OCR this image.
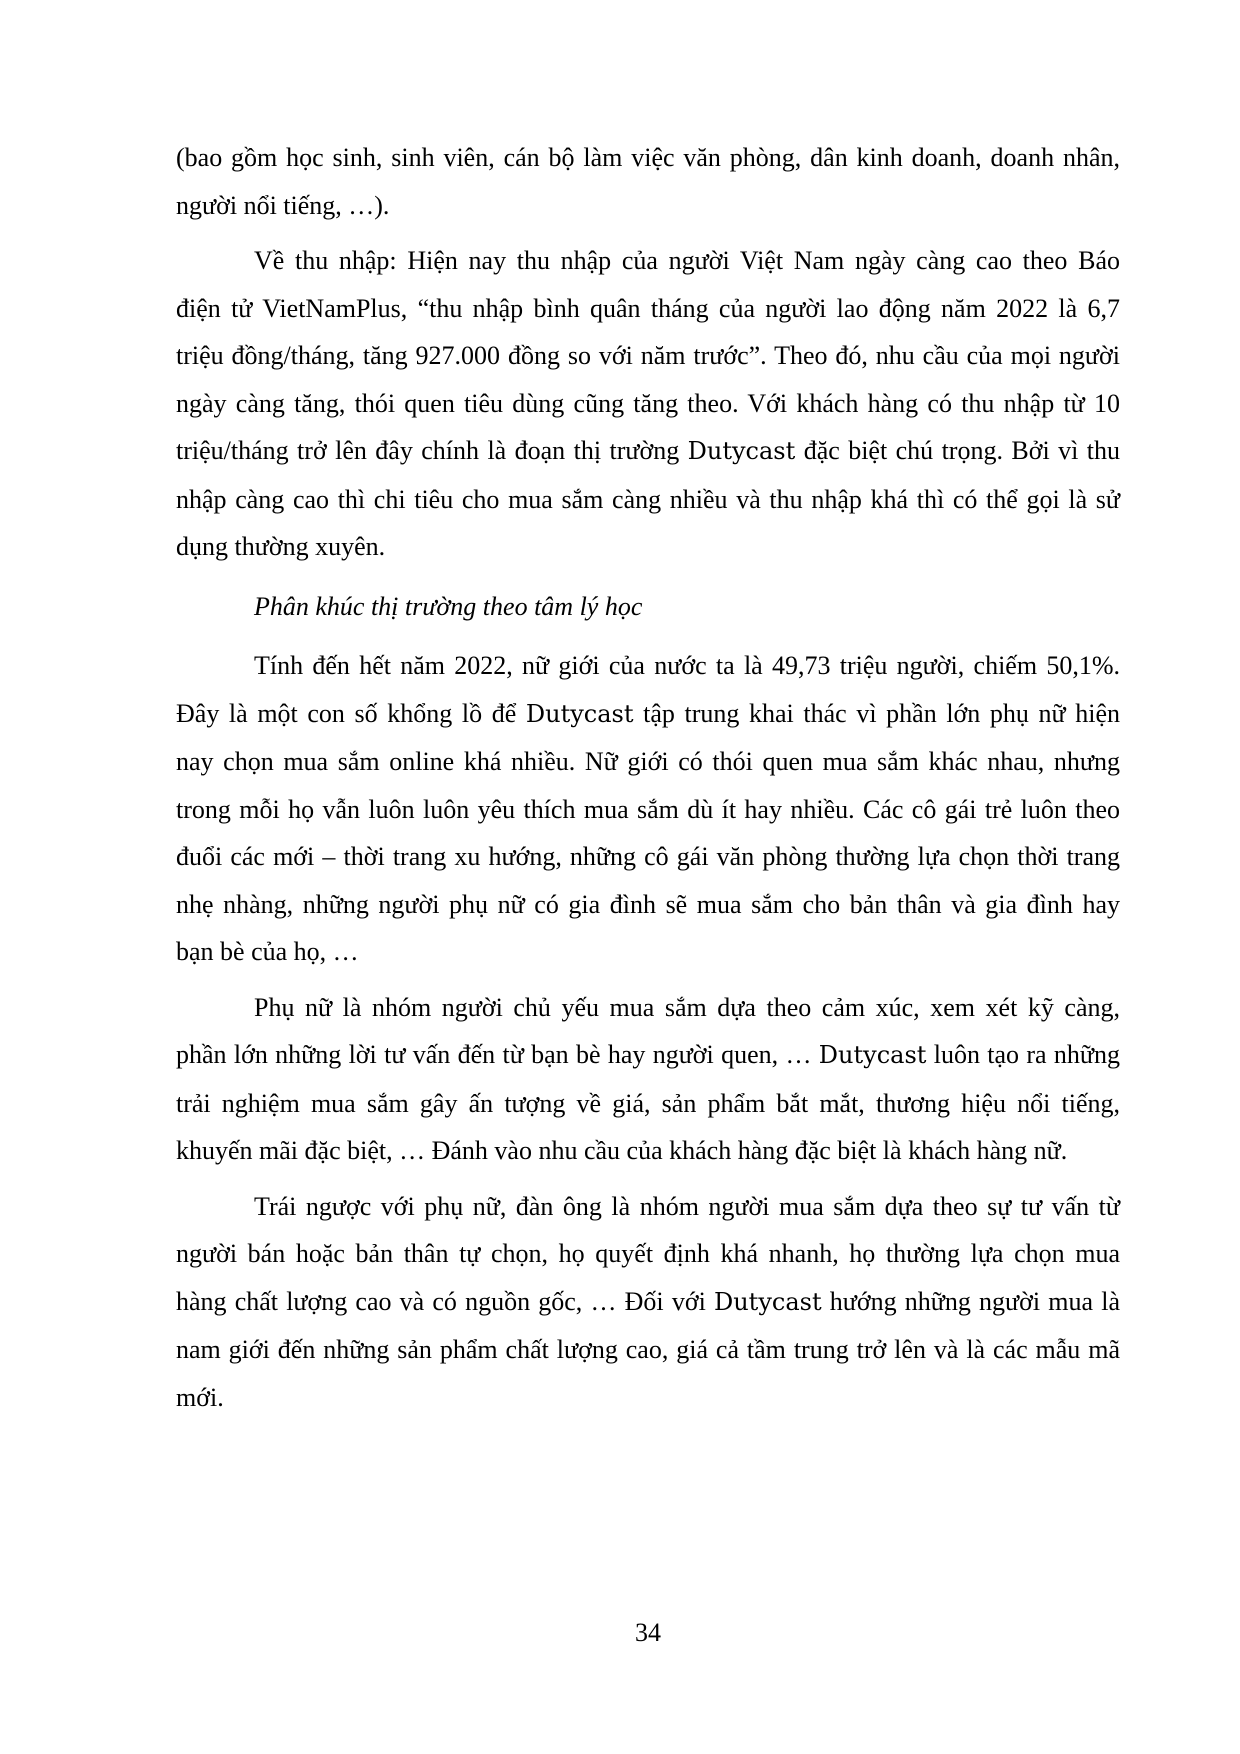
(bao gồm học sinh, sinh viên, cán bộ làm việc văn phòng, dân kinh doanh, doanh nhân,
người nổi tiếng, …).
Về thu nhập: Hiện nay thu nhập của người Việt Nam ngày càng cao theo Báo
điện tử VietNamPlus, “thu nhập bình quân tháng của người lao động năm 2022 là 6,7
triệu đồng/tháng, tăng 927.000 đồng so với năm trước”. Theo đó, nhu cầu của mọi người
ngày càng tăng, thói quen tiêu dùng cũng tăng theo. Với khách hàng có thu nhập từ 10
triệu/tháng trở lên đây chính là đoạn thị trường Dutycast đặc biệt chú trọng. Bởi vì thu
nhập càng cao thì chi tiêu cho mua sắm càng nhiều và thu nhập khá thì có thể gọi là sử
dụng thường xuyên.
Phân khúc thị trường theo tâm lý học
Tính đến hết năm 2022, nữ giới của nước ta là 49,73 triệu người, chiếm 50,1%.
Đây là một con số khổng lồ để Dutycast tập trung khai thác vì phần lớn phụ nữ hiện
nay chọn mua sắm online khá nhiều. Nữ giới có thói quen mua sắm khác nhau, nhưng
trong mỗi họ vẫn luôn luôn yêu thích mua sắm dù ít hay nhiều. Các cô gái trẻ luôn theo
đuổi các mới – thời trang xu hướng, những cô gái văn phòng thường lựa chọn thời trang
nhẹ nhàng, những người phụ nữ có gia đình sẽ mua sắm cho bản thân và gia đình hay
bạn bè của họ, …
Phụ nữ là nhóm người chủ yếu mua sắm dựa theo cảm xúc, xem xét kỹ càng,
phần lớn những lời tư vấn đến từ bạn bè hay người quen, … Dutycast luôn tạo ra những
trải nghiệm mua sắm gây ấn tượng về giá, sản phẩm bắt mắt, thương hiệu nổi tiếng,
khuyến mãi đặc biệt, … Đánh vào nhu cầu của khách hàng đặc biệt là khách hàng nữ.
Trái ngược với phụ nữ, đàn ông là nhóm người mua sắm dựa theo sự tư vấn từ
người bán hoặc bản thân tự chọn, họ quyết định khá nhanh, họ thường lựa chọn mua
hàng chất lượng cao và có nguồn gốc, … Đối với Dutycast hướng những người mua là
nam giới đến những sản phẩm chất lượng cao, giá cả tầm trung trở lên và là các mẫu mã
mới.
34
